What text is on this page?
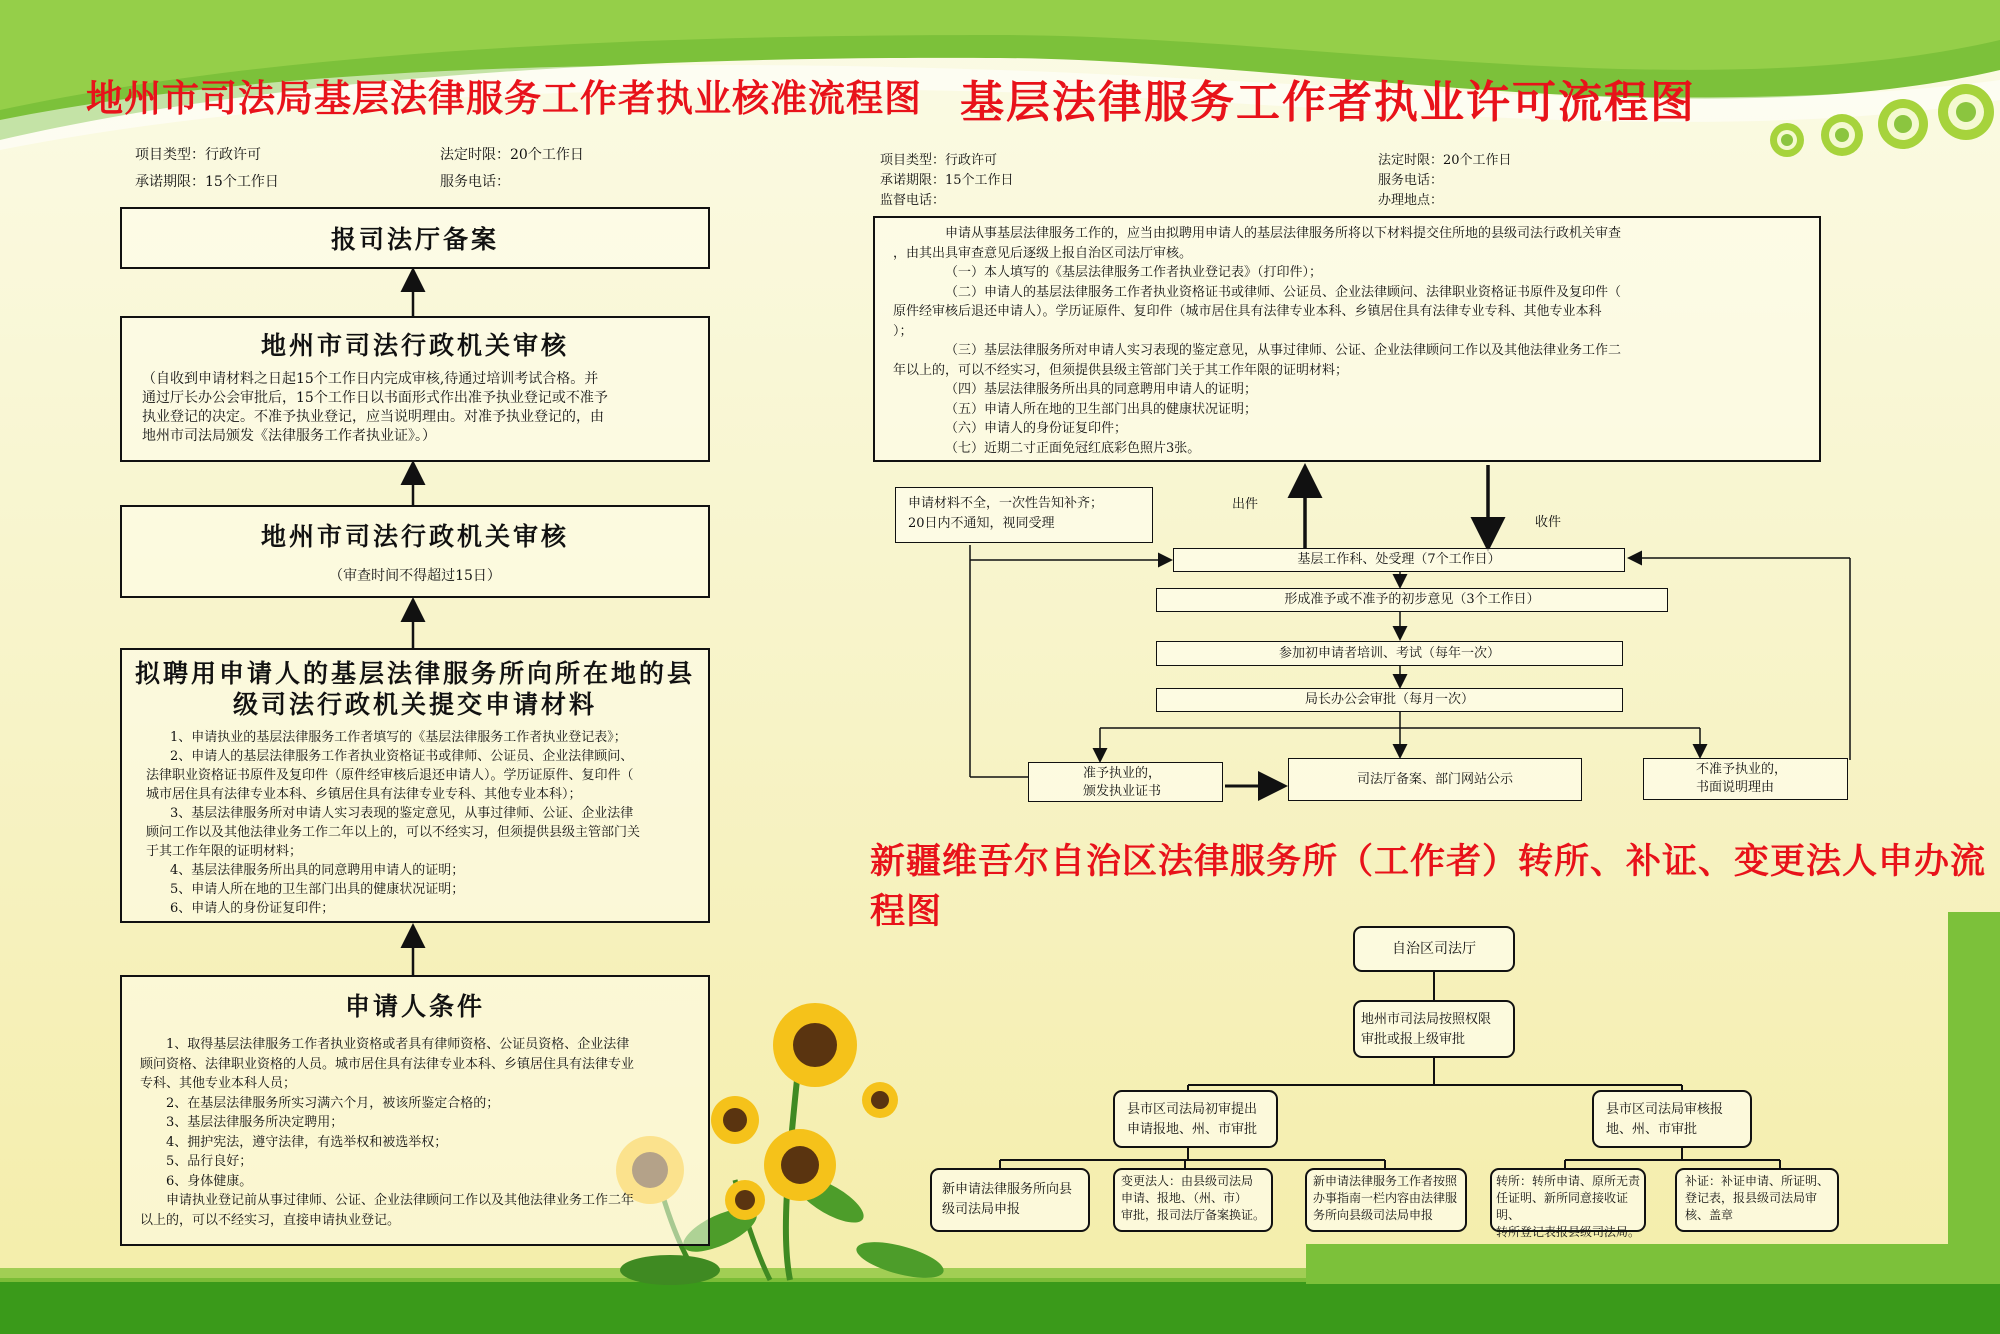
地州市司法局基层法律服务工作者执业核准流程图
项目类型：行政许可	法定时限：20个工作日
承诺期限：15个工作日	服务电话：
报司法厅备案
地州市司法行政机关审核
（自收到申请材料之日起15个工作日内完成审核,待通过培训考试合格。并
通过厅长办公会审批后，15个工作日以书面形式作出准予执业登记或不准予
执业登记的决定。不准予执业登记，应当说明理由。对准予执业登记的，由
地州市司法局颁发《法律服务工作者执业证》。）
地州市司法行政机关审核
（审查时间不得超过15日）
拟聘用申请人的基层法律服务所向所在地的县
级司法行政机关提交申请材料
1、申请执业的基层法律服务工作者填写的《基层法律服务工作者执业登记表》；
2、申请人的基层法律服务工作者执业资格证书或律师、公证员、企业法律顾问、
法律职业资格证书原件及复印件（原件经审核后退还申请人）。学历证原件、复印件（
城市居住具有法律专业本科、乡镇居住具有法律专业专科、其他专业本科）；
3、基层法律服务所对申请人实习表现的鉴定意见，从事过律师、公证、企业法律
顾问工作以及其他法律业务工作二年以上的，可以不经实习，但须提供县级主管部门关
于其工作年限的证明材料；
4、基层法律服务所出具的同意聘用申请人的证明；
5、申请人所在地的卫生部门出具的健康状况证明；
6、申请人的身份证复印件；
申请人条件
1、取得基层法律服务工作者执业资格或者具有律师资格、公证员资格、企业法律
顾问资格、法律职业资格的人员。城市居住具有法律专业本科、乡镇居住具有法律专业
专科、其他专业本科人员；
2、在基层法律服务所实习满六个月，被该所鉴定合格的；
3、基层法律服务所决定聘用；
4、拥护宪法，遵守法律，有选举权和被选举权；
5、品行良好；
6、身体健康。
申请执业登记前从事过律师、公证、企业法律顾问工作以及其他法律业务工作二年
以上的，可以不经实习，直接申请执业登记。
基层法律服务工作者执业许可流程图
项目类型：行政许可
承诺期限：15个工作日
监督电话：
法定时限：20个工作日
服务电话：
办理地点：
申请从事基层法律服务工作的，应当由拟聘用申请人的基层法律服务所将以下材料提交住所地的县级司法行政机关审查
，由其出具审查意见后逐级上报自治区司法厅审核。
（一）本人填写的《基层法律服务工作者执业登记表》（打印件）；
（二）申请人的基层法律服务工作者执业资格证书或律师、公证员、企业法律顾问、法律职业资格证书原件及复印件（
原件经审核后退还申请人）。学历证原件、复印件（城市居住具有法律专业本科、乡镇居住具有法律专业专科、其他专业本科
）；
（三）基层法律服务所对申请人实习表现的鉴定意见，从事过律师、公证、企业法律顾问工作以及其他法律业务工作二
年以上的，可以不经实习，但须提供县级主管部门关于其工作年限的证明材料；
（四）基层法律服务所出具的同意聘用申请人的证明；
（五）申请人所在地的卫生部门出具的健康状况证明；
（六）申请人的身份证复印件；
（七）近期二寸正面免冠红底彩色照片3张。
申请材料不全，一次性告知补齐；
20日内不通知，视同受理
出件
收件
基层工作科、处受理（7个工作日）
形成准予或不准予的初步意见（3个工作日）
参加初申请者培训、考试（每年一次）
局长办公会审批（每月一次）
准予执业的，
颁发执业证书
司法厅备案、部门网站公示
不准予执业的，
书面说明理由
新疆维吾尔自治区法律服务所（工作者）转所、补证、变更法人申办流程图
自治区司法厅
地州市司法局按照权限
审批或报上级审批
县市区司法局初审提出
申请报地、州、市审批
县市区司法局审核报
地、州、市审批
新申请法律服务所向县
级司法局申报
变更法人：由县级司法局
申请、报地、（州、市）
审批，报司法厅备案换证。
新申请法律服务工作者按照
办事指南一栏内容由法律服
务所向县级司法局申报
转所：转所申请、原所无责
任证明、新所同意接收证明、
转所登记表报县级司法局。
补证：补证申请、所证明、
登记表，报县级司法局审
核、盖章
